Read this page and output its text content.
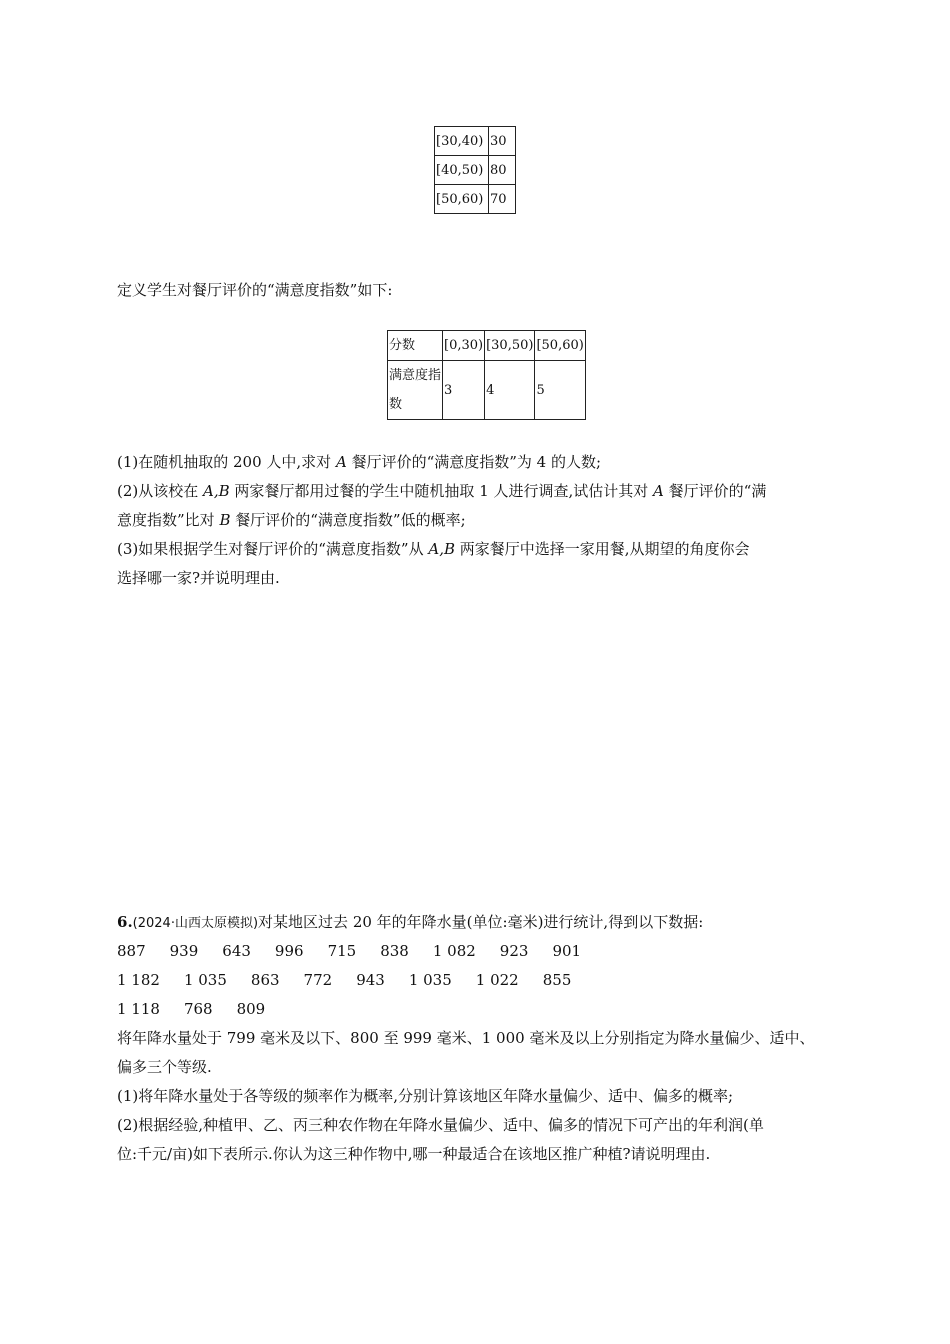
[30,40)	30
[40,50)	80
[50,60)	70
定义学生对餐厅评价的“满意度指数”如下:
分数	[0,30)	[30,50)	[50,60)
满意度指数	3	4	5
(1)在随机抽取的 200 人中,求对 A 餐厅评价的“满意度指数”为 4 的人数;
(2)从该校在 A,B 两家餐厅都用过餐的学生中随机抽取 1 人进行调查,试估计其对 A 餐厅评价的“满
意度指数”比对 B 餐厅评价的“满意度指数”低的概率;
(3)如果根据学生对餐厅评价的“满意度指数”从 A,B 两家餐厅中选择一家用餐,从期望的角度你会
选择哪一家?并说明理由.
6.(2024·山西太原模拟)对某地区过去 20 年的年降水量(单位:毫米)进行统计,得到以下数据:
887 939 643 996 715 838 1 082 923 901
1 182 1 035 863 772 943 1 035 1 022 855
1 118 768 809
将年降水量处于 799 毫米及以下、800 至 999 毫米、1 000 毫米及以上分别指定为降水量偏少、适中、
偏多三个等级.
(1)将年降水量处于各等级的频率作为概率,分别计算该地区年降水量偏少、适中、偏多的概率;
(2)根据经验,种植甲、乙、丙三种农作物在年降水量偏少、适中、偏多的情况下可产出的年利润(单
位:千元/亩)如下表所示.你认为这三种作物中,哪一种最适合在该地区推广种植?请说明理由.
